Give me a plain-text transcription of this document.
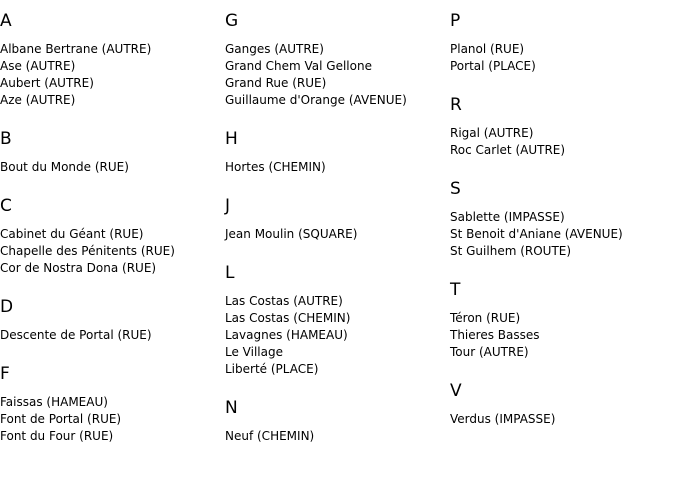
A
Albane Bertrane (AUTRE)
Ase (AUTRE)
Aubert (AUTRE)
Aze (AUTRE)
B
Bout du Monde (RUE)
C
Cabinet du Géant (RUE)
Chapelle des Pénitents (RUE)
Cor de Nostra Dona (RUE)
D
Descente de Portal (RUE)
F
Faissas (HAMEAU)
Font de Portal (RUE)
Font du Four (RUE)
G
Ganges (AUTRE)
Grand Chem Val Gellone
Grand Rue (RUE)
Guillaume d'Orange (AVENUE)
H
Hortes (CHEMIN)
J
Jean Moulin (SQUARE)
L
Las Costas (AUTRE)
Las Costas (CHEMIN)
Lavagnes (HAMEAU)
Le Village
Liberté (PLACE)
N
Neuf (CHEMIN)
P
Planol (RUE)
Portal (PLACE)
R
Rigal (AUTRE)
Roc Carlet (AUTRE)
S
Sablette (IMPASSE)
St Benoit d'Aniane (AVENUE)
St Guilhem (ROUTE)
T
Téron (RUE)
Thieres Basses
Tour (AUTRE)
V
Verdus (IMPASSE)
